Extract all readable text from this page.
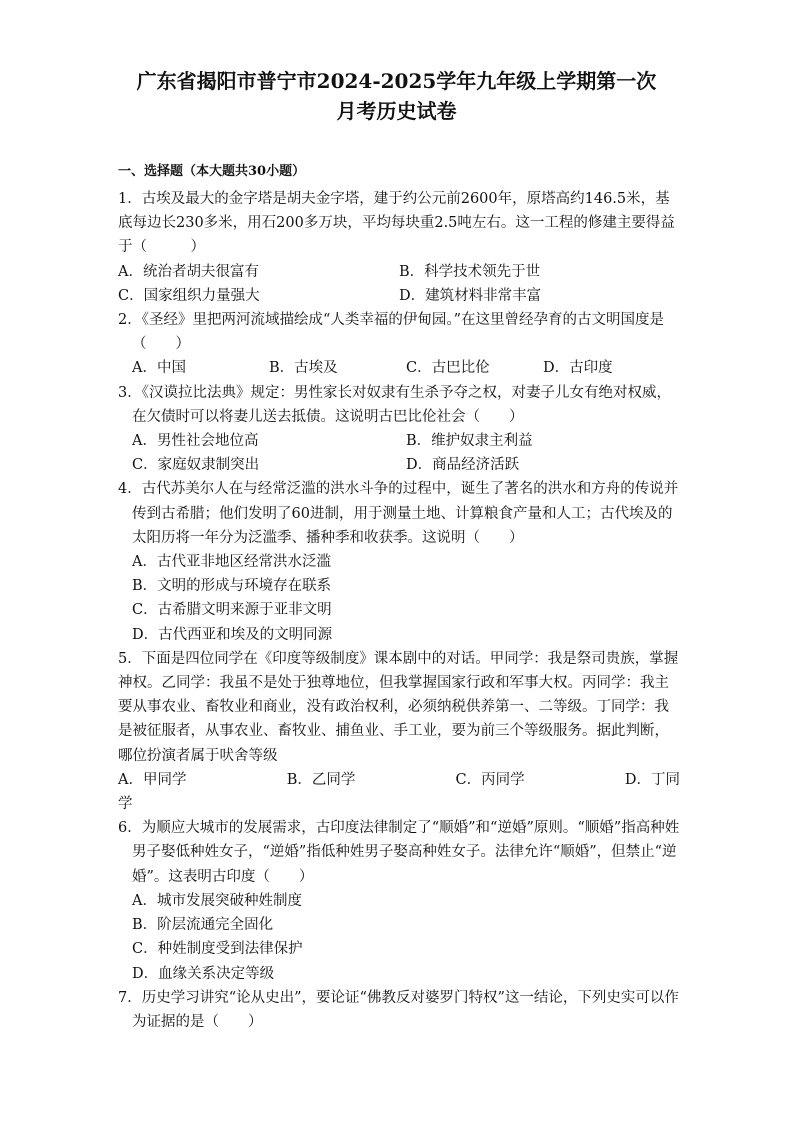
广东省揭阳市普宁市2024-2025学年九年级上学期第一次
月考历史试卷
一、选择题（本大题共30小题）

1．古埃及最大的金字塔是胡夫金字塔，建于约公元前2600年，原塔高约146.5米，基底每边长230多米，用石200多万块，平均每块重2.5吨左右。这一工程的修建主要得益于（　　　）

A．统治者胡夫很富有	B．科学技术领先于世
C．国家组织力量强大	D．建筑材料非常丰富

2．《圣经》里把两河流域描绘成“人类幸福的伊甸园。”在这里曾经孕育的古文明国度是（　　）

A．中国	B．古埃及	C．古巴比伦	D．古印度

3．《汉谟拉比法典》规定：男性家长对奴隶有生杀予夺之权，对妻子儿女有绝对权威，在欠债时可以将妻儿送去抵债。这说明古巴比伦社会（　　）

A．男性社会地位高	B．维护奴隶主利益
C．家庭奴隶制突出	D．商品经济活跃

4．古代苏美尔人在与经常泛滥的洪水斗争的过程中，诞生了著名的洪水和方舟的传说并传到古希腊；他们发明了60进制，用于测量土地、计算粮食产量和人工；古代埃及的太阳历将一年分为泛滥季、播种季和收获季。这说明（　　）

A．古代亚非地区经常洪水泛滥
B．文明的形成与环境存在联系
C．古希腊文明来源于亚非文明
D．古代西亚和埃及的文明同源

5．下面是四位同学在《印度等级制度》课本剧中的对话。甲同学：我是祭司贵族，掌握神权。乙同学：我虽不是处于独尊地位，但我掌握国家行政和军事大权。丙同学：我主要从事农业、畜牧业和商业，没有政治权利，必须纳税供养第一、二等级。丁同学：我是被征服者，从事农业、畜牧业、捕鱼业、手工业，要为前三个等级服务。据此判断，哪位扮演者属于吠舍等级

A．甲同学	B．乙同学	C．丙同学	D．丁同
学

6．为顺应大城市的发展需求，古印度法律制定了“顺婚”和“逆婚”原则。“顺婚”指高种姓男子娶低种姓女子，“逆婚”指低种姓男子娶高种姓女子。法律允许“顺婚”，但禁止“逆婚”。这表明古印度（　　）

A．城市发展突破种姓制度
B．阶层流通完全固化
C．种姓制度受到法律保护
D．血缘关系决定等级

7．历史学习讲究“论从史出”，要论证“佛教反对婆罗门特权”这一结论，下列史实可以作为证据的是（　　）
